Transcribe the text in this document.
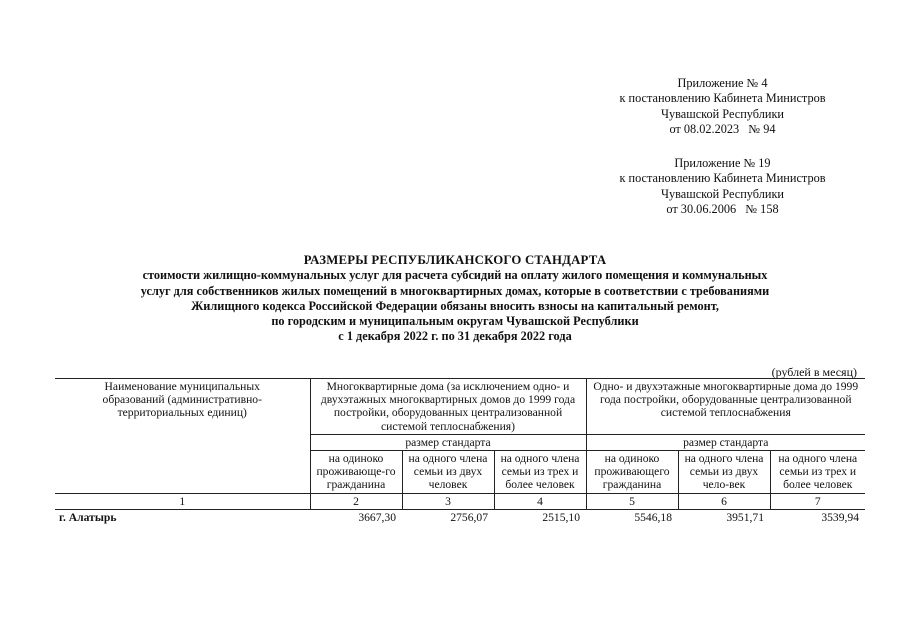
Приложение № 4
к постановлению Кабинета Министров
Чувашской Республики
от 08.02.2023   № 94
Приложение № 19
к постановлению Кабинета Министров
Чувашской Республики
от 30.06.2006   № 158
РАЗМЕРЫ РЕСПУБЛИКАНСКОГО СТАНДАРТА
стоимости жилищно-коммунальных услуг для расчета субсидий на оплату жилого помещения и коммунальных
услуг для собственников жилых помещений в многоквартирных домах, которые в соответствии с требованиями
Жилищного кодекса Российской Федерации обязаны вносить взносы на капитальный ремонт,
по городским и муниципальным округам Чувашской Республики
с 1 декабря 2022 г. по 31 декабря 2022 года
(рублей в месяц)
Наименование муниципальных образований (административно-территориальных единиц)	Многоквартирные дома (за исключением одно- и двухэтажных многоквартирных домов до 1999 года постройки, оборудованных централизованной системой теплоснабжения)			Одно- и двухэтажные многоквартирные дома до 1999 года постройки, оборудованные централизованной системой теплоснабжения		
	размер стандарта			размер стандарта		
	на одиноко проживающе-го гражданина	на одного члена семьи из двух человек	на одного члена семьи из трех и более человек	на одиноко проживающего гражданина	на одного члена семьи из двух чело-век	на одного члена семьи из трех и более человек
1	2	3	4	5	6	7
г. Алатырь	3667,30	2756,07	2515,10	5546,18	3951,71	3539,94
